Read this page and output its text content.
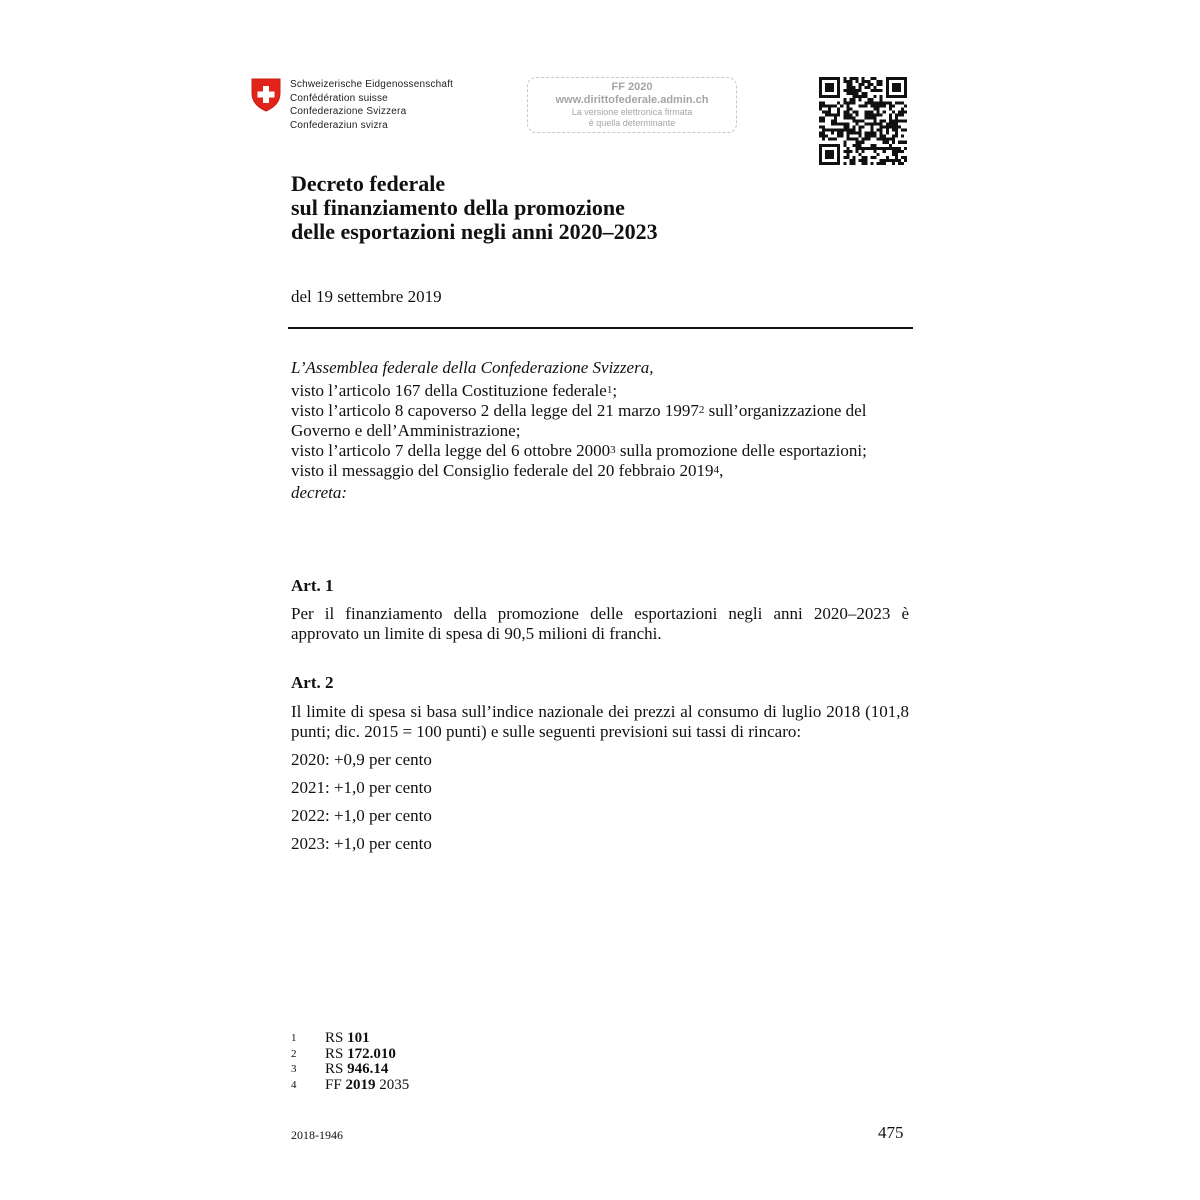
Schweizerische Eidgenossenschaft
Confédération suisse
Confederazione Svizzera
Confederaziun svizra
FF 2020
www.dirittofederale.admin.ch
La versione elettronica firmata
è quella determinante
Decreto federale
sul finanziamento della promozione
delle esportazioni negli anni 2020–2023
del 19 settembre 2019
L’Assemblea federale della Confederazione Svizzera,
visto l’articolo 167 della Costituzione federale$^1$;
visto l’articolo 8 capoverso 2 della legge del 21 marzo 1997$^2$ sull’organizzazione del Governo e dell’Amministrazione;
visto l’articolo 7 della legge del 6 ottobre 2000$^3$ sulla promozione delle esportazioni;
visto il messaggio del Consiglio federale del 20 febbraio 2019$^4$,
decreta:
Art. 1
Per il finanziamento della promozione delle esportazioni negli anni 2020–2023 è approvato un limite di spesa di 90,5 milioni di franchi.
Art. 2
Il limite di spesa si basa sull’indice nazionale dei prezzi al consumo di luglio 2018 (101,8 punti; dic. 2015 = 100 punti) e sulle seguenti previsioni sui tassi di rincaro:
2020: +0,9 per cento
2021: +1,0 per cento
2022: +1,0 per cento
2023: +1,0 per cento
1 RS 101
2 RS 172.010
3 RS 946.14
4 FF 2019 2035
2018-1946	475
